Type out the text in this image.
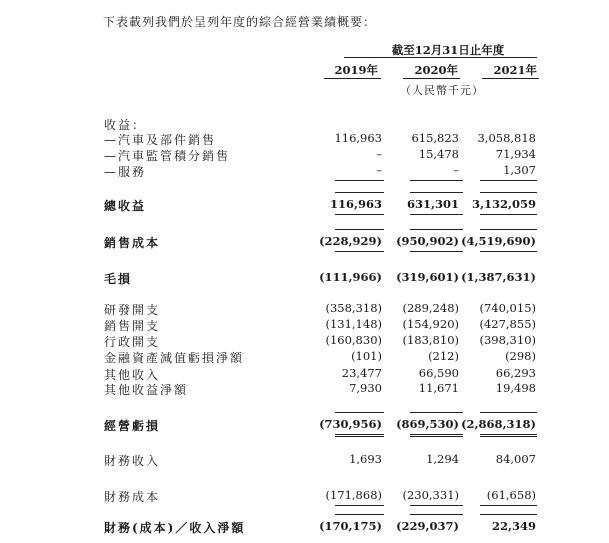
下表載列我們於呈列年度的綜合經營業績概要：
截至12月31日止年度
2019年	2020年	2021年
（人民幣千元）
收益：
—汽車及部件銷售	116,963	615,823	3,058,818
—汽車監管積分銷售	–	15,478	71,934
—服務	–	–	1,307
總收益	116,963	631,301	3,132,059
銷售成本	(228,929)	(950,902) (4,519,690)
毛損	(111,966)	(319,601) (1,387,631)
研發開支	(358,318)	(289,248)	(740,015)
銷售開支	(131,148)	(154,920)	(427,855)
行政開支	(160,830)	(183,810)	(398,310)
金融資產減值虧損淨額	(101)	(212)	(298)
其他收入	23,477	66,590	66,293
其他收益淨額	7,930	11,671	19,498
經營虧損	(730,956)	(869,530) (2,868,318)
財務收入	1,693	1,294	84,007
財務成本	(171,868)	(230,331)	(61,658)
財務(成本)／收入淨額	(170,175)	(229,037)	22,349
